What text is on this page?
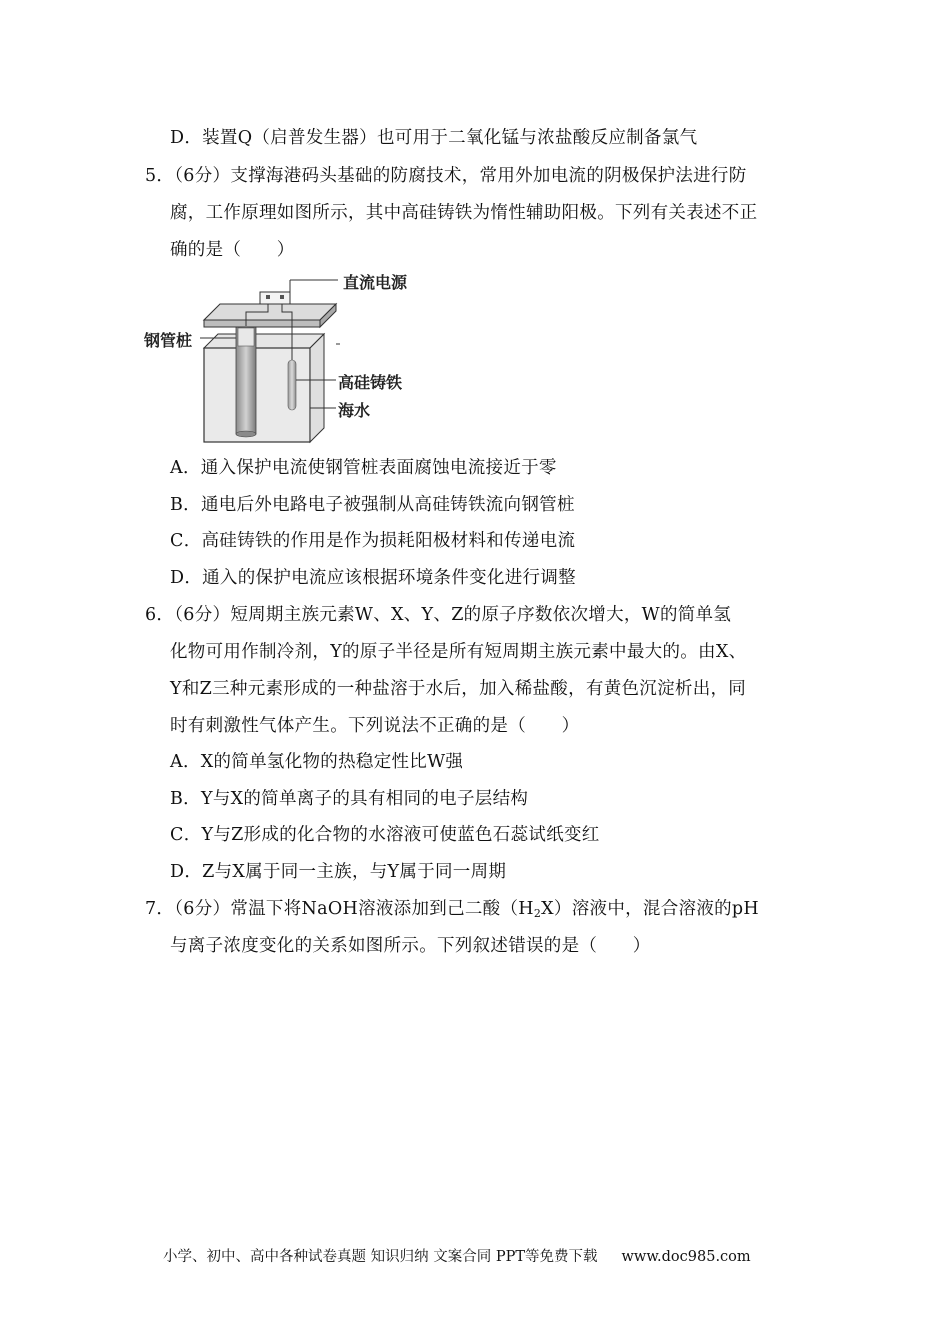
D．装置Q（启普发生器）也可用于二氧化锰与浓盐酸反应制备氯气
5．（6分）支撑海港码头基础的防腐技术，常用外加电流的阴极保护法进行防
腐，工作原理如图所示，其中高硅铸铁为惰性辅助阳极。下列有关表述不正
确的是（　　）
直流电源
钢管桩
高硅铸铁
海水
A．通入保护电流使钢管桩表面腐蚀电流接近于零
B．通电后外电路电子被强制从高硅铸铁流向钢管桩
C．高硅铸铁的作用是作为损耗阳极材料和传递电流
D．通入的保护电流应该根据环境条件变化进行调整
6．（6分）短周期主族元素W、X、Y、Z的原子序数依次增大，W的简单氢
化物可用作制冷剂，Y的原子半径是所有短周期主族元素中最大的。由X、
Y和Z三种元素形成的一种盐溶于水后，加入稀盐酸，有黄色沉淀析出，同
时有刺激性气体产生。下列说法不正确的是（　　）
A．X的简单氢化物的热稳定性比W强
B．Y与X的简单离子的具有相同的电子层结构
C．Y与Z形成的化合物的水溶液可使蓝色石蕊试纸变红
D．Z与X属于同一主族，与Y属于同一周期
7．（6分）常温下将NaOH溶液添加到己二酸$(H_2X)$溶液中，混合溶液的pH
与离子浓度变化的关系如图所示。下列叙述错误的是（　　）
小学、初中、高中各种试卷真题 知识归纳 文案合同 PPT等免费下载 www.doc985.com
